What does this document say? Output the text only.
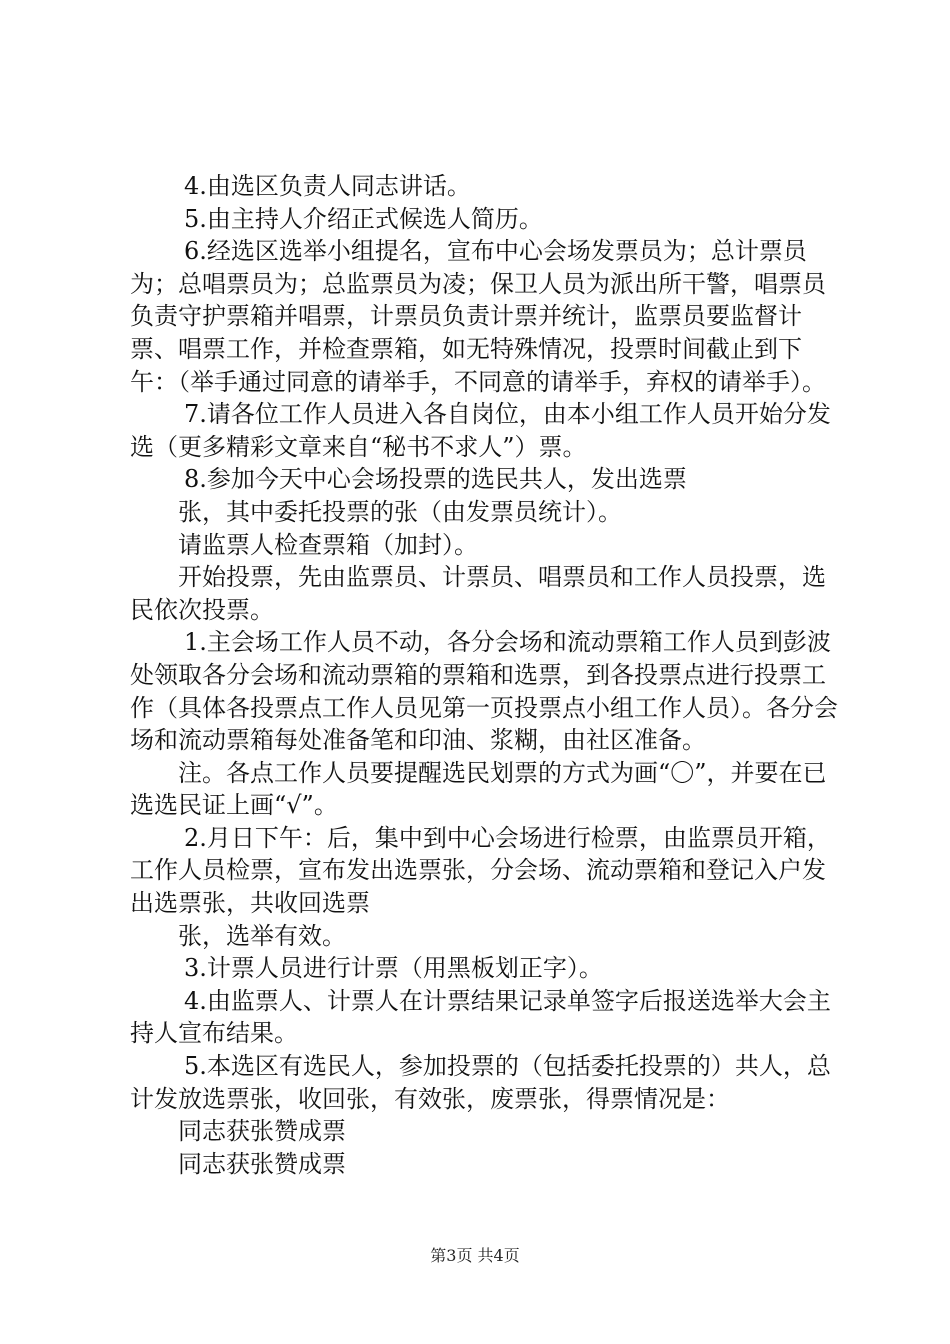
4.由选区负责人同志讲话。

5.由主持人介绍正式候选人简历。

6.经选区选举小组提名，宣布中心会场发票员为；总计票员为；总唱票员为；总监票员为凌；保卫人员为派出所干警，唱票员负责守护票箱并唱票，计票员负责计票并统计，监票员要监督计票、唱票工作，并检查票箱，如无特殊情况，投票时间截止到下午：（举手通过同意的请举手，不同意的请举手，弃权的请举手）。

7.请各位工作人员进入各自岗位，由本小组工作人员开始分发选（更多精彩文章来自“秘书不求人”）票。

8.参加今天中心会场投票的选民共人，发出选票

张，其中委托投票的张（由发票员统计）。

请监票人检查票箱（加封）。

开始投票，先由监票员、计票员、唱票员和工作人员投票，选民依次投票。

1.主会场工作人员不动，各分会场和流动票箱工作人员到彭波处领取各分会场和流动票箱的票箱和选票，到各投票点进行投票工作（具体各投票点工作人员见第一页投票点小组工作人员）。各分会场和流动票箱每处准备笔和印油、浆糊，由社区准备。

注。各点工作人员要提醒选民划票的方式为画“〇”，并要在已选选民证上画“√”。

2.月日下午：后，集中到中心会场进行检票，由监票员开箱，工作人员检票，宣布发出选票张，分会场、流动票箱和登记入户发出选票张，共收回选票

张，选举有效。

3.计票人员进行计票（用黑板划正字）。

4.由监票人、计票人在计票结果记录单签字后报送选举大会主持人宣布结果。

5.本选区有选民人，参加投票的（包括委托投票的）共人，总计发放选票张，收回张，有效张，废票张，得票情况是：

同志获张赞成票

同志获张赞成票

第3页 共4页
